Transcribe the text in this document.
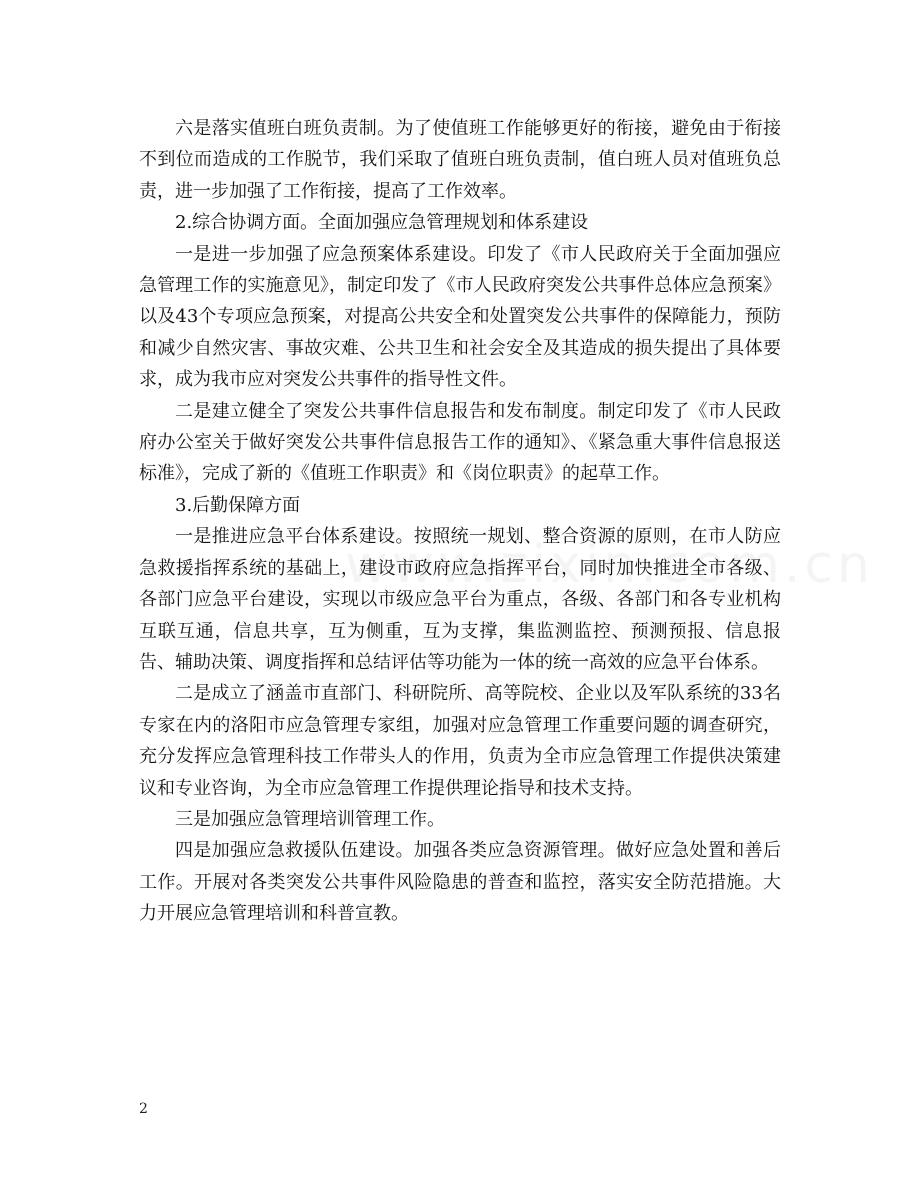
六是落实值班白班负责制。为了使值班工作能够更好的衔接，避免由于衔接不到位而造成的工作脱节，我们采取了值班白班负责制，值白班人员对值班负总责，进一步加强了工作衔接，提高了工作效率。

2.综合协调方面。全面加强应急管理规划和体系建设

一是进一步加强了应急预案体系建设。印发了《市人民政府关于全面加强应急管理工作的实施意见》，制定印发了《市人民政府突发公共事件总体应急预案》以及43个专项应急预案，对提高公共安全和处置突发公共事件的保障能力，预防和减少自然灾害、事故灾难、公共卫生和社会安全及其造成的损失提出了具体要求，成为我市应对突发公共事件的指导性文件。

二是建立健全了突发公共事件信息报告和发布制度。制定印发了《市人民政府办公室关于做好突发公共事件信息报告工作的通知》、《紧急重大事件信息报送标准》，完成了新的《值班工作职责》和《岗位职责》的起草工作。

3.后勤保障方面

一是推进应急平台体系建设。按照统一规划、整合资源的原则，在市人防应急救援指挥系统的基础上，建设市政府应急指挥平台，同时加快推进全市各级、各部门应急平台建设，实现以市级应急平台为重点，各级、各部门和各专业机构互联互通，信息共享，互为侧重，互为支撑，集监测监控、预测预报、信息报告、辅助决策、调度指挥和总结评估等功能为一体的统一高效的应急平台体系。

二是成立了涵盖市直部门、科研院所、高等院校、企业以及军队系统的33名专家在内的洛阳市应急管理专家组，加强对应急管理工作重要问题的调查研究，充分发挥应急管理科技工作带头人的作用，负责为全市应急管理工作提供决策建议和专业咨询，为全市应急管理工作提供理论指导和技术支持。

三是加强应急管理培训管理工作。

四是加强应急救援队伍建设。加强各类应急资源管理。做好应急处置和善后工作。开展对各类突发公共事件风险隐患的普查和监控，落实安全防范措施。大力开展应急管理培训和科普宣教。

2
